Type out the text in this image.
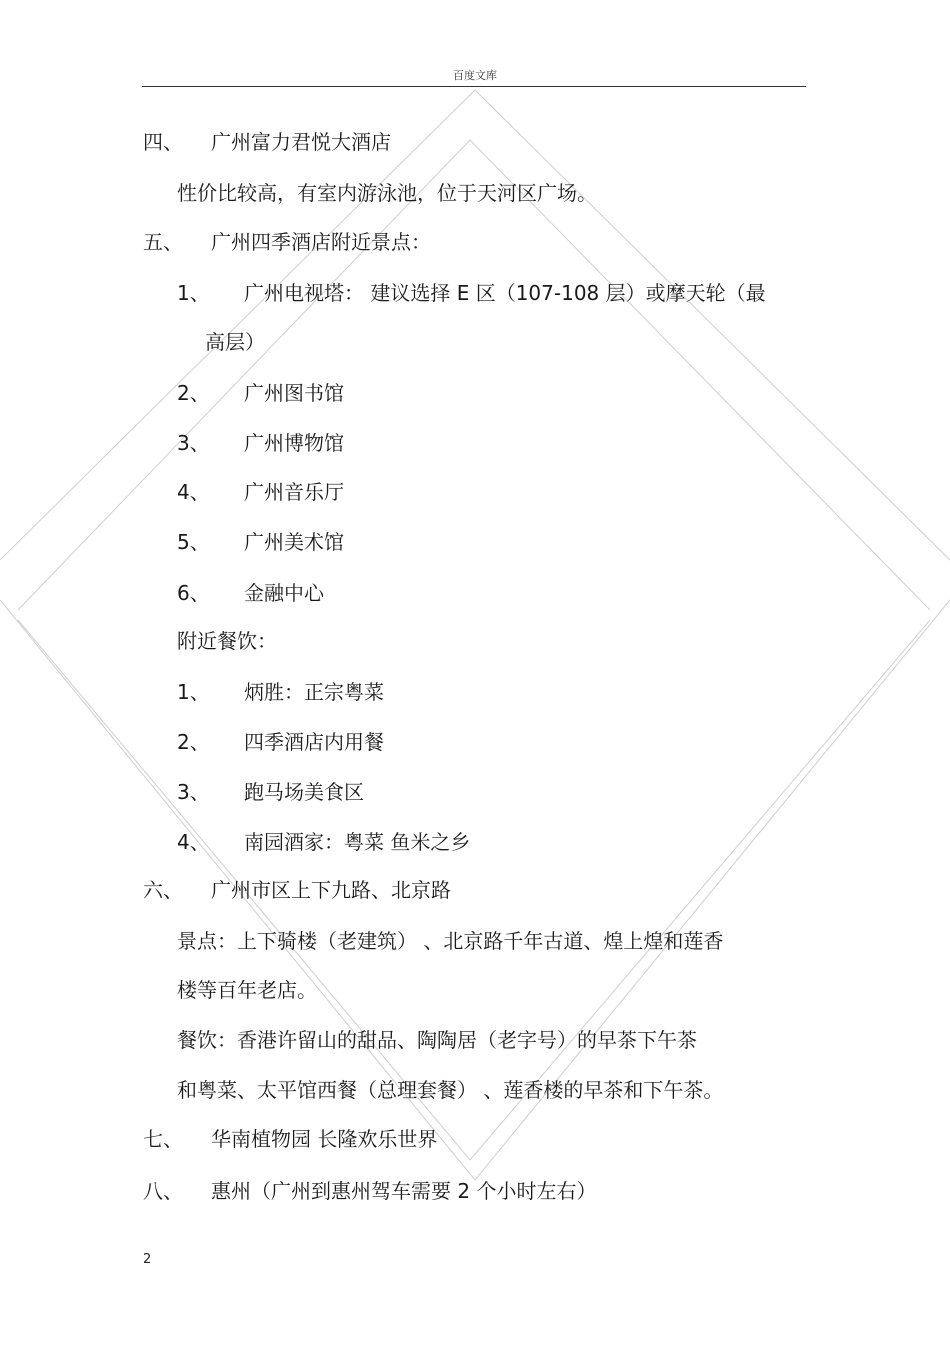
百度文库
四、 广州富力君悦大酒店
性价比较高，有室内游泳池，位于天河区广场。
五、 广州四季酒店附近景点：
1、 广州电视塔： 建议选择 E 区（107-108 层）或摩天轮（最
高层）
2、 广州图书馆
3、 广州博物馆
4、 广州音乐厅
5、 广州美术馆
6、 金融中心
附近餐饮：
1、 炳胜：正宗粤菜
2、 四季酒店内用餐
3、 跑马场美食区
4、 南园酒家：粤菜 鱼米之乡
六、 广州市区上下九路、北京路
景点：上下骑楼（老建筑） 、北京路千年古道、煌上煌和莲香
楼等百年老店。
餐饮：香港许留山的甜品、陶陶居（老字号）的早茶下午茶
和粤菜、太平馆西餐（总理套餐） 、莲香楼的早茶和下午茶。
七、 华南植物园 长隆欢乐世界
八、 惠州（广州到惠州驾车需要 2 个小时左右）
2
